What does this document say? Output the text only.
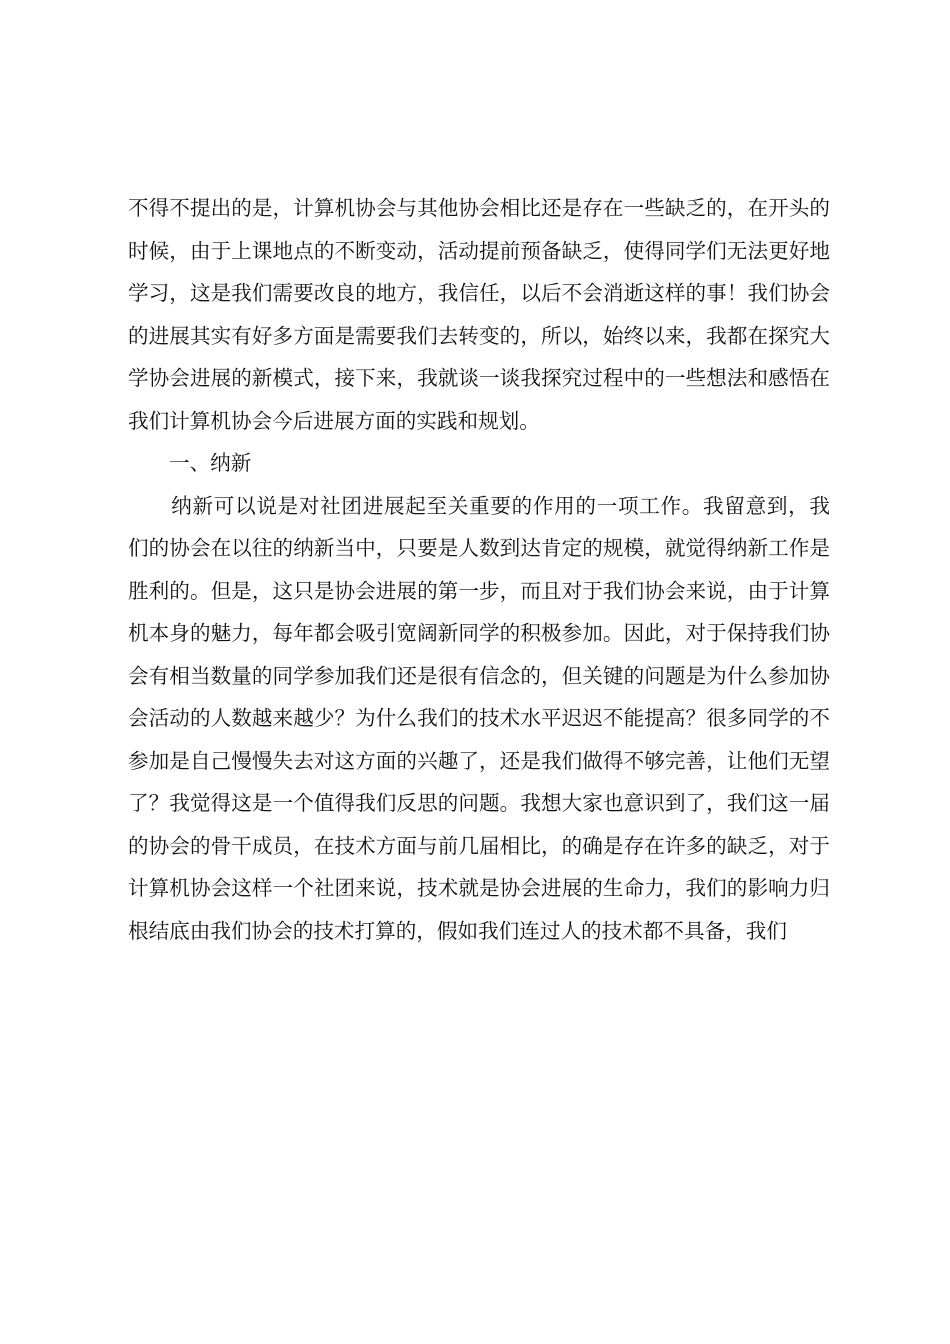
不得不提出的是，计算机协会与其他协会相比还是存在一些缺乏的，在开头的时候，由于上课地点的不断变动，活动提前预备缺乏，使得同学们无法更好地学习，这是我们需要改良的地方，我信任，以后不会消逝这样的事！我们协会的进展其实有好多方面是需要我们去转变的，所以，始终以来，我都在探究大学协会进展的新模式，接下来，我就谈一谈我探究过程中的一些想法和感悟在我们计算机协会今后进展方面的实践和规划。

一、纳新

纳新可以说是对社团进展起至关重要的作用的一项工作。我留意到，我们的协会在以往的纳新当中，只要是人数到达肯定的规模，就觉得纳新工作是胜利的。但是，这只是协会进展的第一步，而且对于我们协会来说，由于计算机本身的魅力，每年都会吸引宽阔新同学的积极参加。因此，对于保持我们协会有相当数量的同学参加我们还是很有信念的，但关键的问题是为什么参加协会活动的人数越来越少？为什么我们的技术水平迟迟不能提高？很多同学的不参加是自己慢慢失去对这方面的兴趣了，还是我们做得不够完善，让他们无望了？我觉得这是一个值得我们反思的问题。我想大家也意识到了，我们这一届的协会的骨干成员，在技术方面与前几届相比，的确是存在许多的缺乏，对于计算机协会这样一个社团来说，技术就是协会进展的生命力，我们的影响力归根结底由我们协会的技术打算的，假如我们连过人的技术都不具备，我们
